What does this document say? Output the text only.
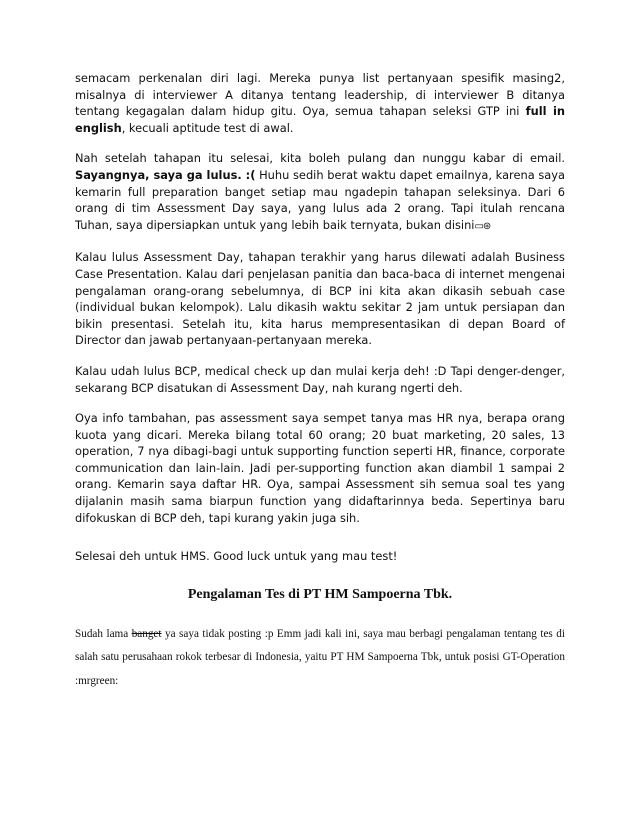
semacam perkenalan diri lagi. Mereka punya list pertanyaan spesifik masing2, misalnya di interviewer A ditanya tentang leadership, di interviewer B ditanya tentang kegagalan dalam hidup gitu. Oya, semua tahapan seleksi GTP ini full in english, kecuali aptitude test di awal.

Nah setelah tahapan itu selesai, kita boleh pulang dan nunggu kabar di email. Sayangnya, saya ga lulus. :( Huhu sedih berat waktu dapet emailnya, karena saya kemarin full preparation banget setiap mau ngadepin tahapan seleksinya. Dari 6 orang di tim Assessment Day saya, yang lulus ada 2 orang. Tapi itulah rencana Tuhan, saya dipersiapkan untuk yang lebih baik ternyata, bukan disini▭⊛

Kalau lulus Assessment Day, tahapan terakhir yang harus dilewati adalah Business Case Presentation. Kalau dari penjelasan panitia dan baca-baca di internet mengenai pengalaman orang-orang sebelumnya, di BCP ini kita akan dikasih sebuah case (individual bukan kelompok). Lalu dikasih waktu sekitar 2 jam untuk persiapan dan bikin presentasi. Setelah itu, kita harus mempresentasikan di depan Board of Director dan jawab pertanyaan-pertanyaan mereka.

Kalau udah lulus BCP, medical check up dan mulai kerja deh! :D Tapi denger-denger, sekarang BCP disatukan di Assessment Day, nah kurang ngerti deh.

Oya info tambahan, pas assessment saya sempet tanya mas HR nya, berapa orang kuota yang dicari. Mereka bilang total 60 orang; 20 buat marketing, 20 sales, 13 operation, 7 nya dibagi-bagi untuk supporting function seperti HR, finance, corporate communication dan lain-lain. Jadi per-supporting function akan diambil 1 sampai 2 orang. Kemarin saya daftar HR. Oya, sampai Assessment sih semua soal tes yang dijalanin masih sama biarpun function yang didaftarinnya beda. Sepertinya baru difokuskan di BCP deh, tapi kurang yakin juga sih.

Selesai deh untuk HMS. Good luck untuk yang mau test!

Pengalaman Tes di PT HM Sampoerna Tbk.

Sudah lama banget ya saya tidak posting :p Emm jadi kali ini, saya mau berbagi pengalaman tentang tes di salah satu perusahaan rokok terbesar di Indonesia, yaitu PT HM Sampoerna Tbk, untuk posisi GT-Operation :mrgreen:
